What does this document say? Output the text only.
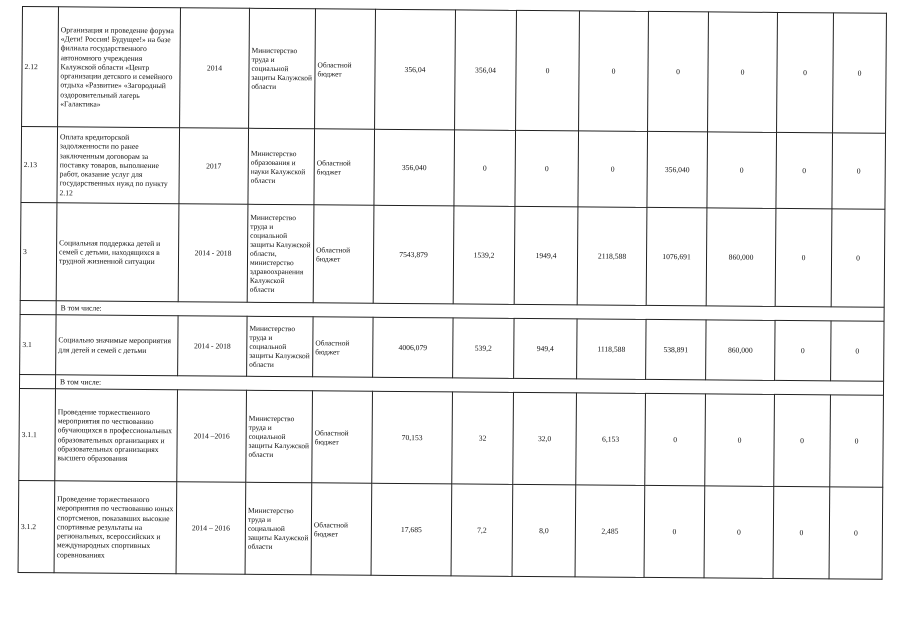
2.12	Организация и проведение форума «Дети! Россия! Будущее!» на базе филиала государственного автономного учреждения Калужской области «Центр организации детского и семейного отдыха «Развитие» «Загородный оздоровительный лагерь «Галактика»	2014	Министерство труда и социальной защиты Калужской области	Областной бюджет	356,04	356,04	0	0	0	0	0	0
2.13	Оплата кредиторской задолженности по ранее заключенным договорам за поставку товаров, выполнение работ, оказание услуг для государственных нужд по пункту 2.12	2017	Министерство образования и науки Калужской области	Областной бюджет	356,040	0	0	0	356,040	0	0	0
3	Социальная поддержка детей и семей с детьми, находящихся в трудной жизненной ситуации	2014 - 2018	Министерство труда и социальной защиты Калужской области, министерство здравоохранения Калужской области	Областной бюджет	7543,879	1539,2	1949,4	2118,588	1076,691	860,000	0	0
	В том числе:											
3.1	Социально значимые мероприятия для детей и семей с детьми	2014 - 2018	Министерство труда и социальной защиты Калужской области	Областной бюджет	4006,079	539,2	949,4	1118,588	538,891	860,000	0	0
	В том числе:											
3.1.1	Проведение торжественного мероприятия по чествованию обучающихся в профессиональных образовательных организациях и образовательных организациях высшего образования	2014 –2016	Министерство труда и социальной защиты Калужской области	Областной бюджет	70,153	32	32,0	6,153	0	0	0	0
3.1.2	Проведение торжественного мероприятия по чествованию юных спортсменов, показавших высокие спортивные результаты на региональных, всероссийских и международных спортивных соревнованиях	2014 – 2016	Министерство труда и социальной защиты Калужской области	Областной бюджет	17,685	7,2	8,0	2,485	0	0	0	0
